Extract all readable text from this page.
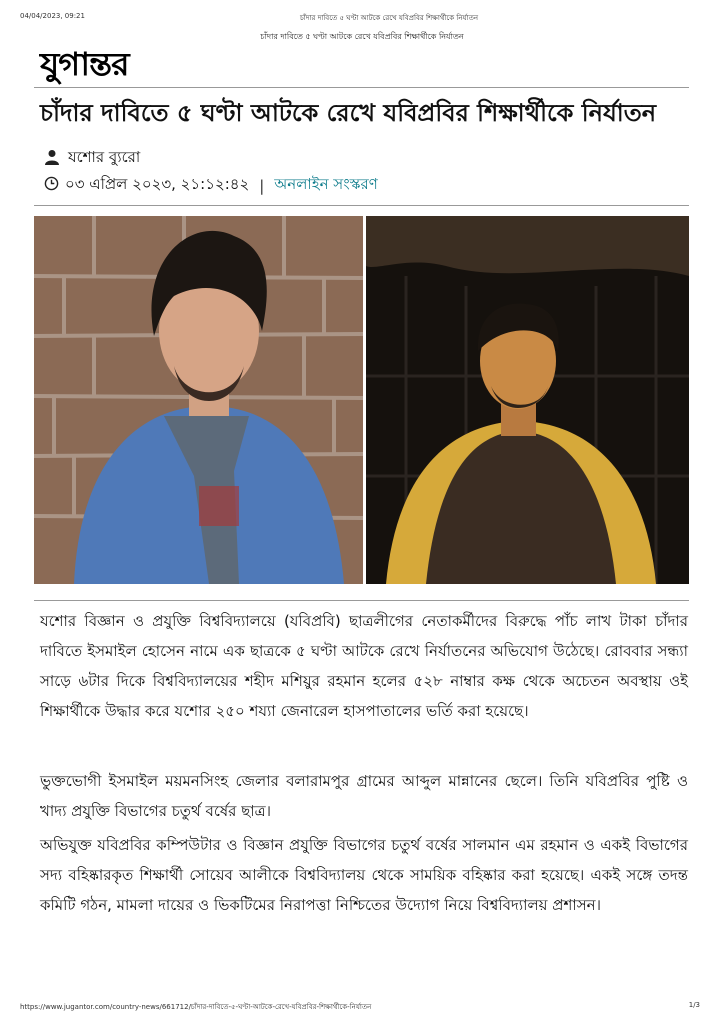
04/04/2023, 09:21	চাঁদার দাবিতে ৫ ঘণ্টা আটকে রেখে যবিপ্রবির শিক্ষার্থীকে নির্যাতন
চাঁদার দাবিতে ৫ ঘণ্টা আটকে রেখে যবিপ্রবির শিক্ষার্থীকে নির্যাতন
যুগান্তর
চাঁদার দাবিতে ৫ ঘণ্টা আটকে রেখে যবিপ্রবির শিক্ষার্থীকে নির্যাতন
যশোর ব্যুরো
০৩ এপ্রিল ২০২৩, ২১:১২:৪২ | অনলাইন সংস্করণ

যশোর বিজ্ঞান ও প্রযুক্তি বিশ্ববিদ্যালয়ে (যবিপ্রবি) ছাত্রলীগের নেতাকর্মীদের বিরুদ্ধে পাঁচ লাখ টাকা চাঁদার দাবিতে ইসমাইল হোসেন নামে এক ছাত্রকে ৫ ঘণ্টা আটকে রেখে নির্যাতনের অভিযোগ উঠেছে। রোববার সন্ধ্যা সাড়ে ৬টার দিকে বিশ্ববিদ্যালয়ের শহীদ মশিয়ুর রহমান হলের ৫২৮ নাম্বার কক্ষ থেকে অচেতন অবস্থায় ওই শিক্ষার্থীকে উদ্ধার করে যশোর ২৫০ শয্যা জেনারেল হাসপাতালের ভর্তি করা হয়েছে।

ভুক্তভোগী ইসমাইল ময়মনসিংহ জেলার বলারামপুর গ্রামের আব্দুল মান্নানের ছেলে। তিনি যবিপ্রবির পুষ্টি ও খাদ্য প্রযুক্তি বিভাগের চতুর্থ বর্ষের ছাত্র।

অভিযুক্ত যবিপ্রবির কম্পিউটার ও বিজ্ঞান প্রযুক্তি বিভাগের চতুর্থ বর্ষের সালমান এম রহমান ও একই বিভাগের সদ্য বহিষ্কারকৃত শিক্ষার্থী সোয়েব আলীকে বিশ্ববিদ্যালয় থেকে সাময়িক বহিষ্কার করা হয়েছে। একই সঙ্গে তদন্ত কমিটি গঠন, মামলা দায়ের ও ভিকটিমের নিরাপত্তা নিশ্চিতের উদ্যোগ নিয়ে বিশ্ববিদ্যালয় প্রশাসন।

https://www.jugantor.com/country-news/661712/চাঁদার-দাবিতে-৫-ঘণ্টা-আটকে-রেখে-যবিপ্রবির-শিক্ষার্থীকে-নির্যাতন	1/3
